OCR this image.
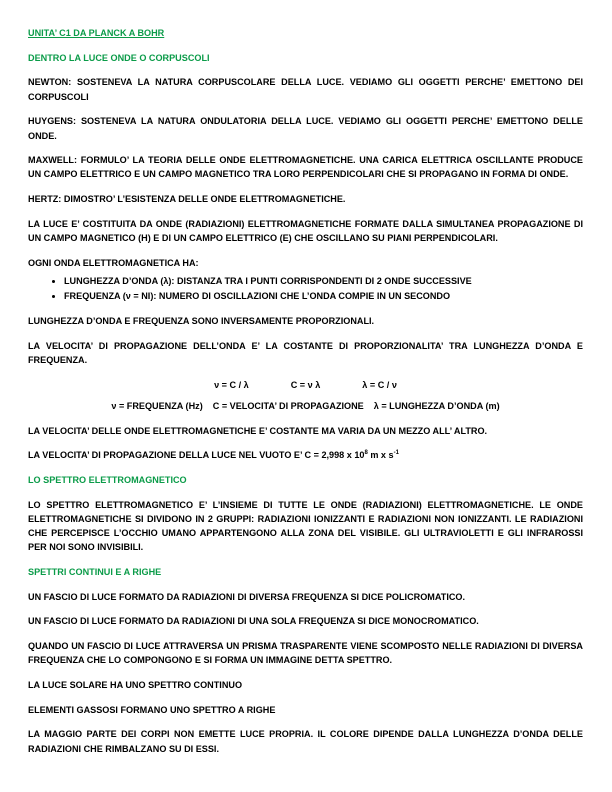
UNITA’ C1 DA PLANCK A BOHR

DENTRO LA LUCE ONDE O CORPUSCOLI

NEWTON: SOSTENEVA LA NATURA CORPUSCOLARE DELLA LUCE. VEDIAMO GLI OGGETTI PERCHE’ EMETTONO DEI CORPUSCOLI

HUYGENS: SOSTENEVA LA NATURA ONDULATORIA DELLA LUCE. VEDIAMO GLI OGGETTI PERCHE’ EMETTONO DELLE ONDE.

MAXWELL: FORMULO’ LA TEORIA DELLE ONDE ELETTROMAGNETICHE. UNA CARICA ELETTRICA OSCILLANTE PRODUCE UN CAMPO ELETTRICO E UN CAMPO MAGNETICO TRA LORO PERPENDICOLARI CHE SI PROPAGANO IN FORMA DI ONDE.

HERTZ: DIMOSTRO’ L’ESISTENZA DELLE ONDE ELETTROMAGNETICHE.

LA LUCE E’ COSTITUITA DA ONDE (RADIAZIONI) ELETTROMAGNETICHE FORMATE DALLA SIMULTANEA PROPAGAZIONE DI UN CAMPO MAGNETICO (H) E DI UN CAMPO ELETTRICO (E) CHE OSCILLANO SU PIANI PERPENDICOLARI.

OGNI ONDA ELETTROMAGNETICA HA:

• LUNGHEZZA D’ONDA (λ): DISTANZA TRA I PUNTI CORRISPONDENTI DI 2 ONDE SUCCESSIVE
• FREQUENZA (ν = NI): NUMERO DI OSCILLAZIONI CHE L’ONDA COMPIE IN UN SECONDO

LUNGHEZZA D’ONDA E FREQUENZA SONO INVERSAMENTE PROPORZIONALI.

LA VELOCITA’ DI PROPAGAZIONE DELL’ONDA E’ LA COSTANTE DI PROPORZIONALITA’ TRA LUNGHEZZA D’ONDA E FREQUENZA.

ν = C / λ	C = ν λ	λ = C / ν

ν = FREQUENZA (Hz) C = VELOCITA’ DI PROPAGAZIONE λ = LUNGHEZZA D’ONDA (m)

LA VELOCITA’ DELLE ONDE ELETTROMAGNETICHE E’ COSTANTE MA VARIA DA UN MEZZO ALL’ ALTRO.

LA VELOCITA’ DI PROPAGAZIONE DELLA LUCE NEL VUOTO E’ C = 2,998 x $10^8$ m x $s^{-1}$

LO SPETTRO ELETTROMAGNETICO

LO SPETTRO ELETTROMAGNETICO E’ L’INSIEME DI TUTTE LE ONDE (RADIAZIONI) ELETTROMAGNETICHE. LE ONDE ELETTROMAGNETICHE SI DIVIDONO IN 2 GRUPPI: RADIAZIONI IONIZZANTI E RADIAZIONI NON IONIZZANTI. LE RADIAZIONI CHE PERCEPISCE L’OCCHIO UMANO APPARTENGONO ALLA ZONA DEL VISIBILE. GLI ULTRAVIOLETTI E GLI INFRAROSSI PER NOI SONO INVISIBILI.

SPETTRI CONTINUI E A RIGHE

UN FASCIO DI LUCE FORMATO DA RADIAZIONI DI DIVERSA FREQUENZA SI DICE POLICROMATICO.

UN FASCIO DI LUCE FORMATO DA RADIAZIONI DI UNA SOLA FREQUENZA SI DICE MONOCROMATICO.

QUANDO UN FASCIO DI LUCE ATTRAVERSA UN PRISMA TRASPARENTE VIENE SCOMPOSTO NELLE RADIAZIONI DI DIVERSA FREQUENZA CHE LO COMPONGONO E SI FORMA UN IMMAGINE DETTA SPETTRO.

LA LUCE SOLARE HA UNO SPETTRO CONTINUO

ELEMENTI GASSOSI FORMANO UNO SPETTRO A RIGHE

LA MAGGIO PARTE DEI CORPI NON EMETTE LUCE PROPRIA. IL COLORE DIPENDE DALLA LUNGHEZZA D’ONDA DELLE RADIAZIONI CHE RIMBALZANO SU DI ESSI.
